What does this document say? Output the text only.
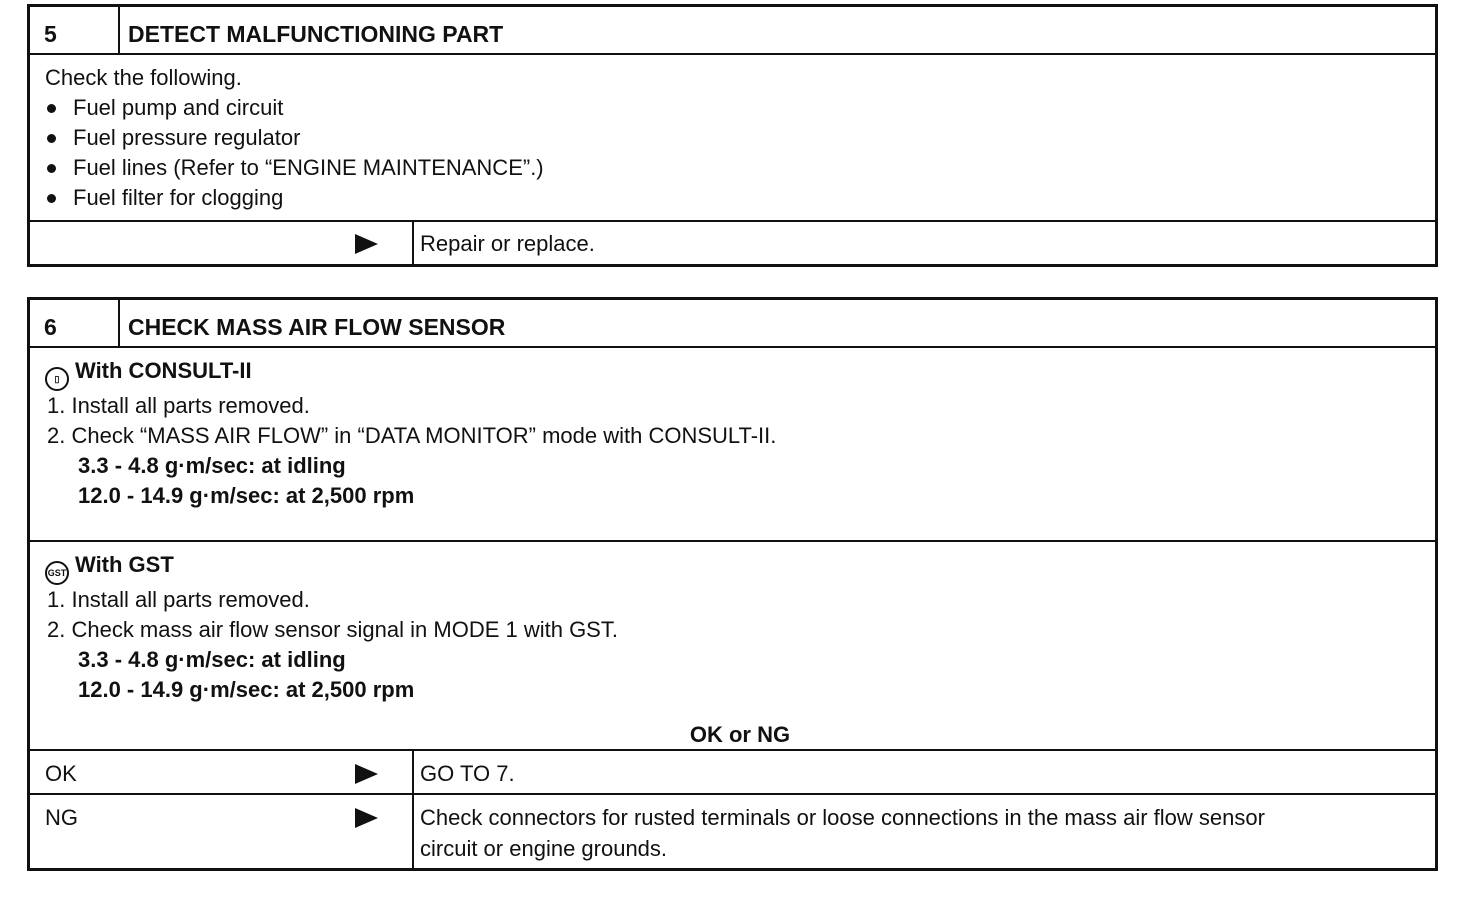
5	DETECT MALFUNCTIONING PART
Check the following.
Fuel pump and circuit
Fuel pressure regulator
Fuel lines (Refer to “ENGINE MAINTENANCE”.)
Fuel filter for clogging
Repair or replace.
6	CHECK MASS AIR FLOW SENSOR
▯ With CONSULT-II
1. Install all parts removed.
2. Check “MASS AIR FLOW” in “DATA MONITOR” mode with CONSULT-II.
3.3 - 4.8 g·m/sec: at idling
12.0 - 14.9 g·m/sec: at 2,500 rpm
GST With GST
1. Install all parts removed.
2. Check mass air flow sensor signal in MODE 1 with GST.
3.3 - 4.8 g·m/sec: at idling
12.0 - 14.9 g·m/sec: at 2,500 rpm
OK or NG
OK	GO TO 7.
NG	Check connectors for rusted terminals or loose connections in the mass air flow sensor
circuit or engine grounds.
